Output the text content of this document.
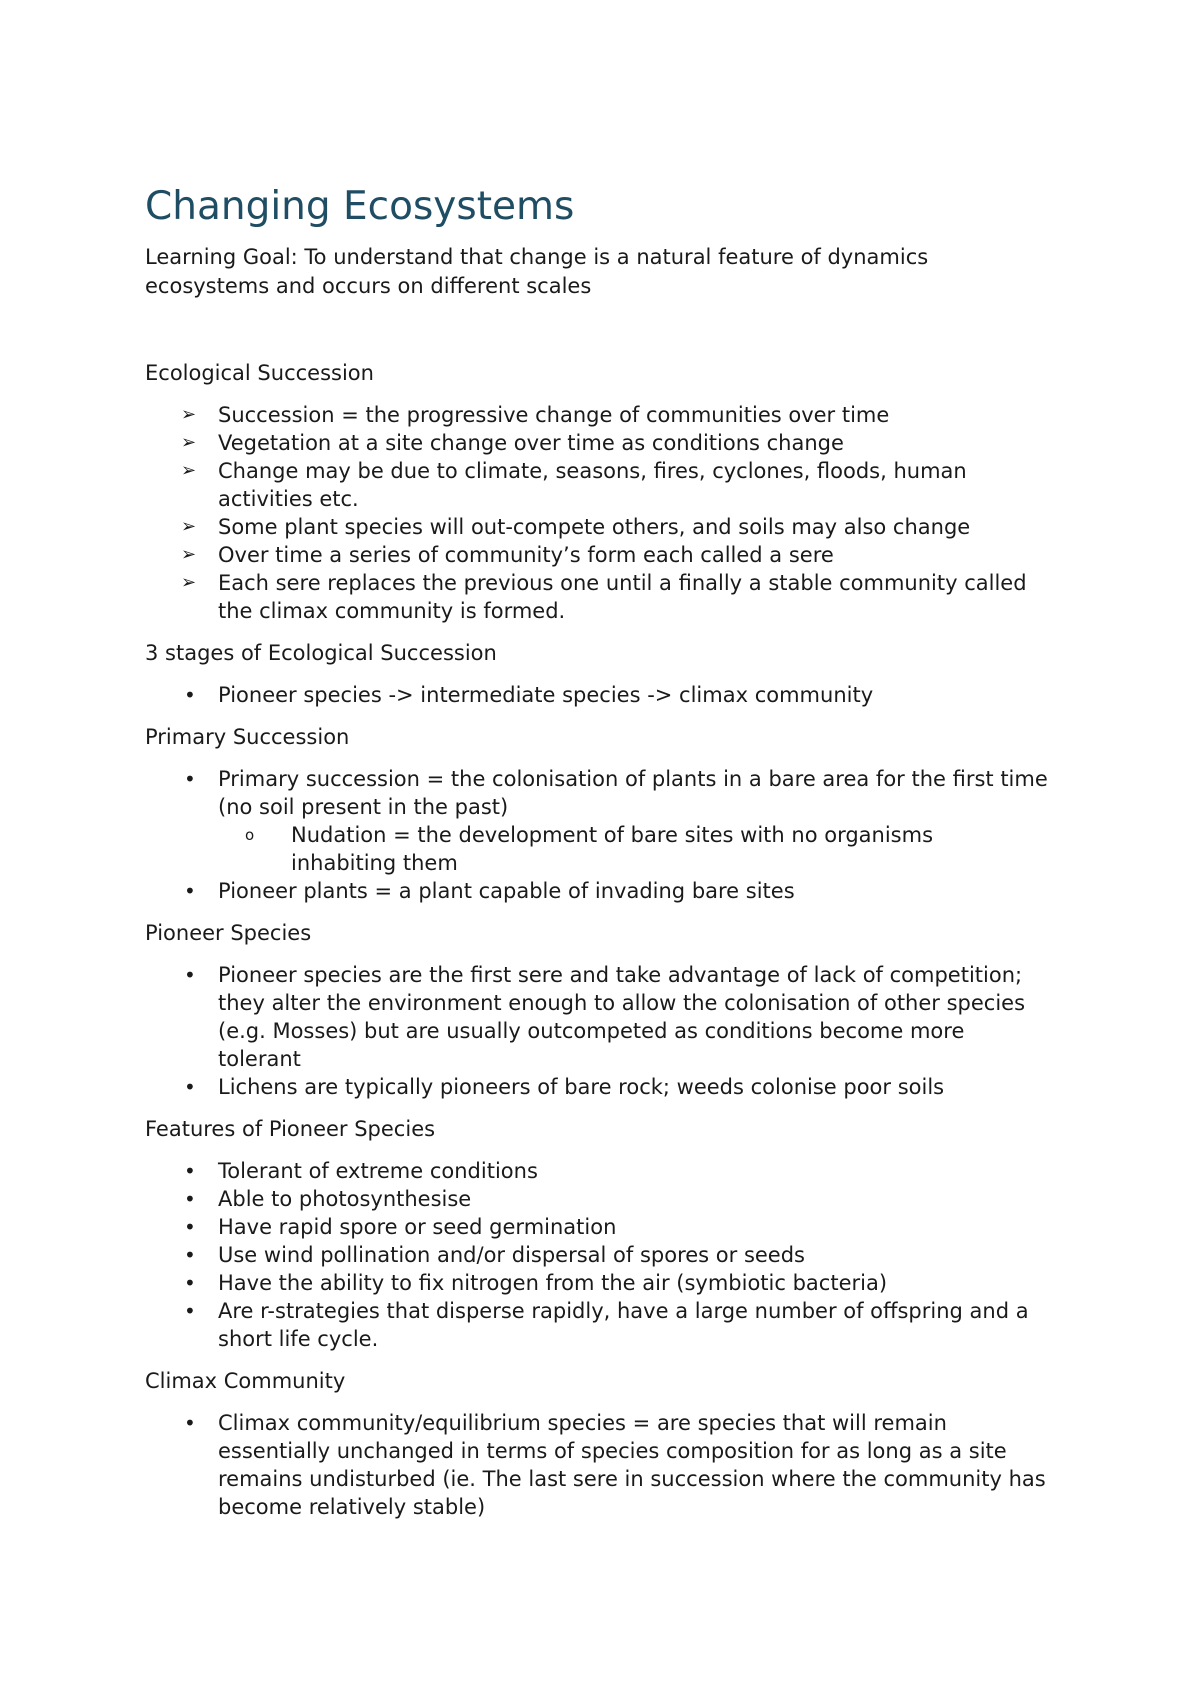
Changing Ecosystems

Learning Goal: To understand that change is a natural feature of dynamics ecosystems and occurs on different scales

Ecological Succession
➢ Succession = the progressive change of communities over time
➢ Vegetation at a site change over time as conditions change
➢ Change may be due to climate, seasons, fires, cyclones, floods, human activities etc.
➢ Some plant species will out-compete others, and soils may also change
➢ Over time a series of community’s form each called a sere
➢ Each sere replaces the previous one until a finally a stable community called the climax community is formed.
3 stages of Ecological Succession
• Pioneer species -> intermediate species -> climax community
Primary Succession
• Primary succession = the colonisation of plants in a bare area for the first time (no soil present in the past)
o Nudation = the development of bare sites with no organisms inhabiting them
• Pioneer plants = a plant capable of invading bare sites
Pioneer Species
• Pioneer species are the first sere and take advantage of lack of competition; they alter the environment enough to allow the colonisation of other species (e.g. Mosses) but are usually outcompeted as conditions become more tolerant
• Lichens are typically pioneers of bare rock; weeds colonise poor soils
Features of Pioneer Species
• Tolerant of extreme conditions
• Able to photosynthesise
• Have rapid spore or seed germination
• Use wind pollination and/or dispersal of spores or seeds
• Have the ability to fix nitrogen from the air (symbiotic bacteria)
• Are r-strategies that disperse rapidly, have a large number of offspring and a short life cycle.
Climax Community
• Climax community/equilibrium species = are species that will remain essentially unchanged in terms of species composition for as long as a site remains undisturbed (ie. The last sere in succession where the community has become relatively stable)
